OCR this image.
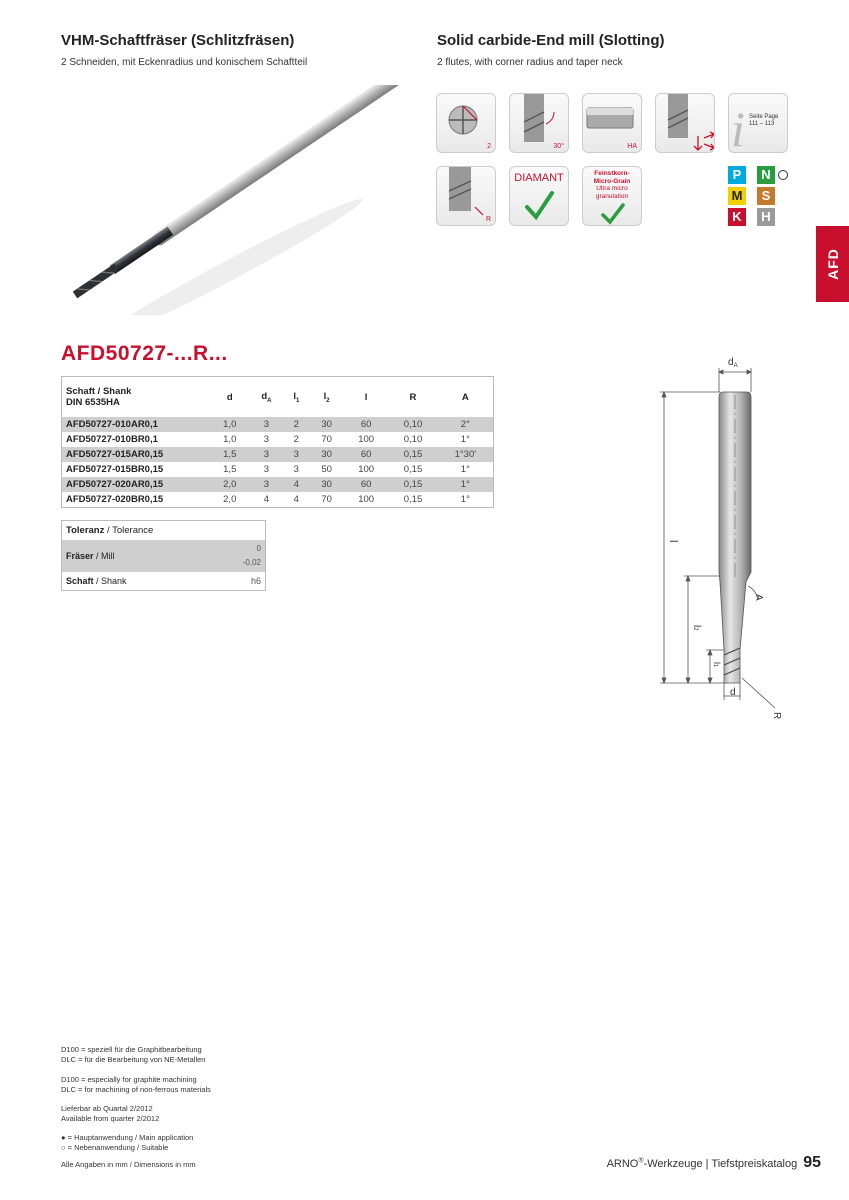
VHM-Schaftfräser (Schlitzfräsen)
2 Schneiden, mit Eckenradius und konischem Schaftteil
Solid carbide-End mill (Slotting)
2 flutes, with corner radius and taper neck
2	30°	HA i Seite Page
111 – 113
R
DIAMANT	Feinstkorn-
Micro-Grain
Ultra micro
granulation
P	N
M	S
K	H
AFD
AFD50727-...R...
Schaft / Shank
DIN 6535HA	d	$d_A$	$l_1$	$l_2$	l	R	A
AFD50727-010AR0,1	1,0	3	2	30	60	0,10	2°
AFD50727-010BR0,1	1,0	3	2	70	100	0,10	1°
AFD50727-015AR0,15	1,5	3	3	30	60	0,15	1°30'
AFD50727-015BR0,15	1,5	3	3	50	100	0,15	1°
AFD50727-020AR0,15	2,0	3	4	30	60	0,15	1°
AFD50727-020BR0,15	2,0	4	4	70	100	0,15	1°
Toleranz / Tolerance	
Fräser / Mill	0
-0,02

Schaft / Shank	h6
$d_A$
l
l2
l1
A
d
R
D100 = speziell für die Graphitbearbeitung
DLC = für die Bearbeitung von NE-Metallen
D100 = especially for graphite machining
DLC = for machining of non-ferrous materials
Lieferbar ab Quartal 2/2012
Available from quarter 2/2012
● = Hauptanwendung / Main application
○ = Nebenanwendung / Suitable
Alle Angaben in mm / Dimensions in mm	ARNO®-Werkzeuge | Tiefstpreiskatalog 95
